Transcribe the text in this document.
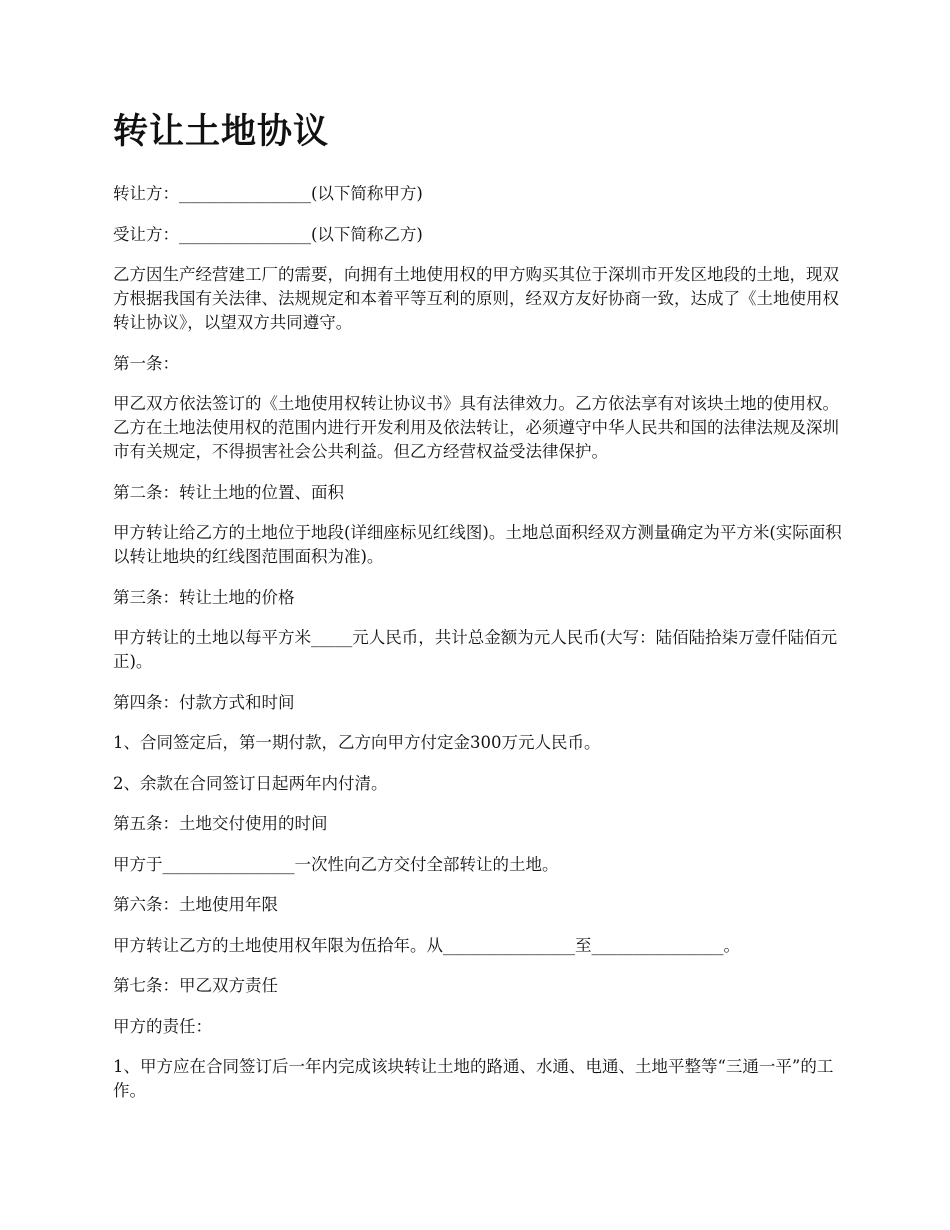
转让土地协议

转让方：________________(以下简称甲方)

受让方：________________(以下简称乙方)

乙方因生产经营建工厂的需要，向拥有土地使用权的甲方购买其位于深圳市开发区地段的土地，现双方根据我国有关法律、法规规定和本着平等互利的原则，经双方友好协商一致，达成了《土地使用权转让协议》，以望双方共同遵守。

第一条：

甲乙双方依法签订的《土地使用权转让协议书》具有法律效力。乙方依法享有对该块土地的使用权。乙方在土地法使用权的范围内进行开发利用及依法转让，必须遵守中华人民共和国的法律法规及深圳市有关规定，不得损害社会公共利益。但乙方经营权益受法律保护。

第二条：转让土地的位置、面积

甲方转让给乙方的土地位于地段(详细座标见红线图)。土地总面积经双方测量确定为平方米(实际面积以转让地块的红线图范围面积为准)。

第三条：转让土地的价格

甲方转让的土地以每平方米_____元人民币，共计总金额为元人民币(大写：陆佰陆拾柒万壹仟陆佰元正)。

第四条：付款方式和时间

1、合同签定后，第一期付款，乙方向甲方付定金300万元人民币。

2、余款在合同签订日起两年内付清。

第五条：土地交付使用的时间

甲方于________________一次性向乙方交付全部转让的土地。

第六条：土地使用年限

甲方转让乙方的土地使用权年限为伍拾年。从________________至________________。

第七条：甲乙双方责任

甲方的责任：

1、甲方应在合同签订后一年内完成该块转让土地的路通、水通、电通、土地平整等“三通一平”的工作。
